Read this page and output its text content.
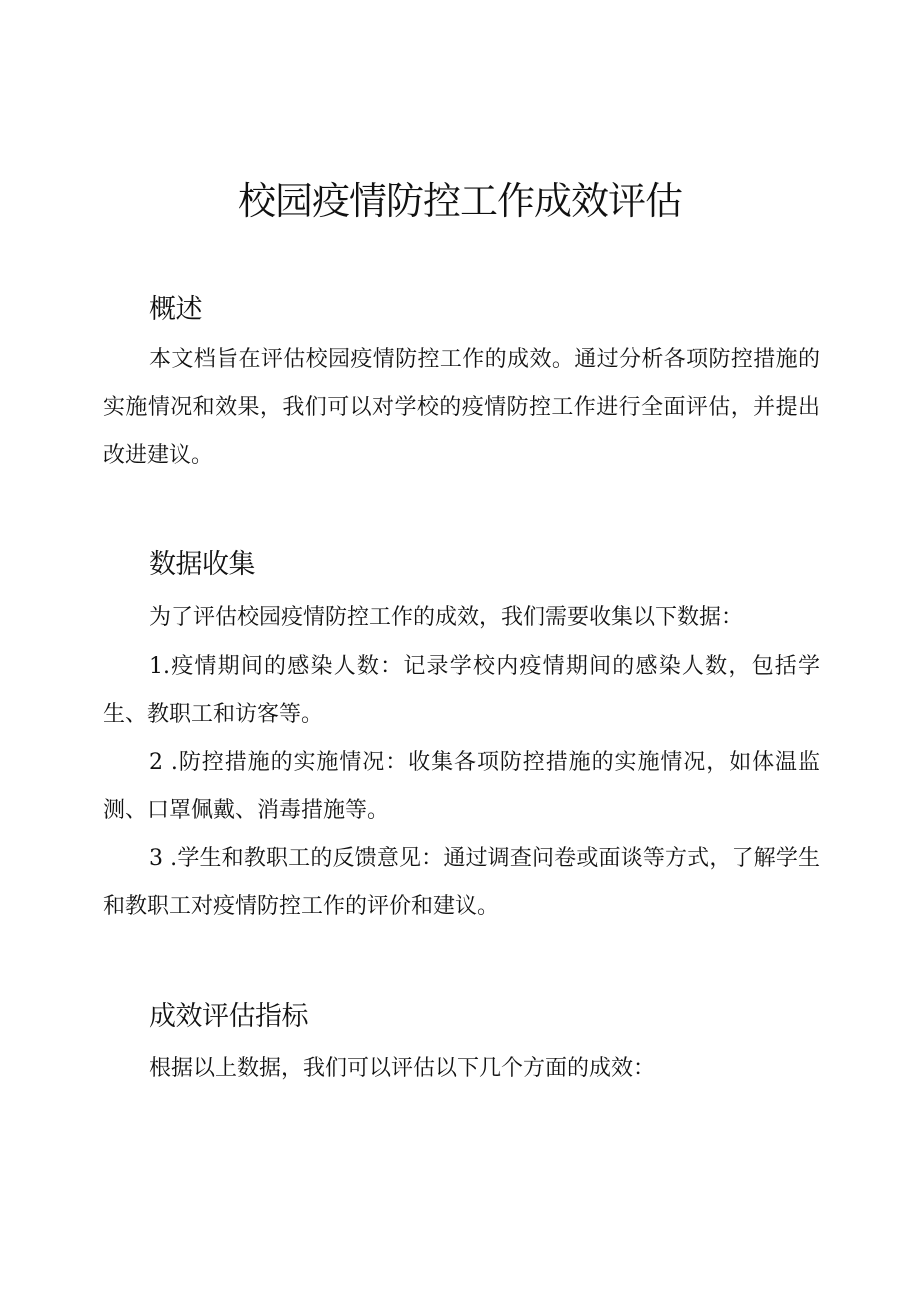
校园疫情防控工作成效评估
概述
本文档旨在评估校园疫情防控工作的成效。通过分析各项防控措施的实施情况和效果，我们可以对学校的疫情防控工作进行全面评估，并提出改进建议。
数据收集
为了评估校园疫情防控工作的成效，我们需要收集以下数据：
1.疫情期间的感染人数：记录学校内疫情期间的感染人数，包括学生、教职工和访客等。
2 .防控措施的实施情况：收集各项防控措施的实施情况，如体温监测、口罩佩戴、消毒措施等。
3 .学生和教职工的反馈意见：通过调查问卷或面谈等方式，了解学生和教职工对疫情防控工作的评价和建议。
成效评估指标
根据以上数据，我们可以评估以下几个方面的成效：
